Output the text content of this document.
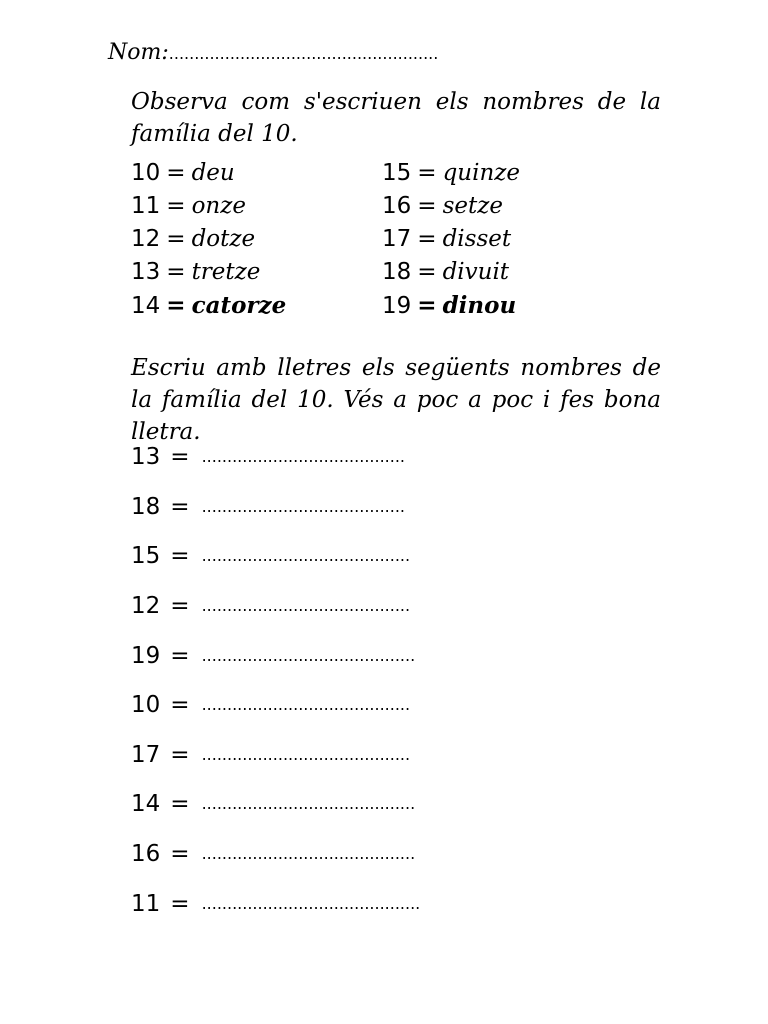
Nom:.....................................................
Observa com s'escriuen els nombres de la família del 10.
10 = deu
11 = onze
12 = dotze
13 = tretze
14 = catorze
15 = quinze
16 = setze
17 = disset
18 = divuit
19 = dinou
Escriu amb lletres els següents nombres de la família del 10. Vés a poc a poc i fes bona lletra.
13 = ........................................
18 = ........................................
15 = .........................................
12 = .........................................
19 = ..........................................
10 = .........................................
17 = .........................................
14 = ..........................................
16 = ..........................................
11 = ...........................................
